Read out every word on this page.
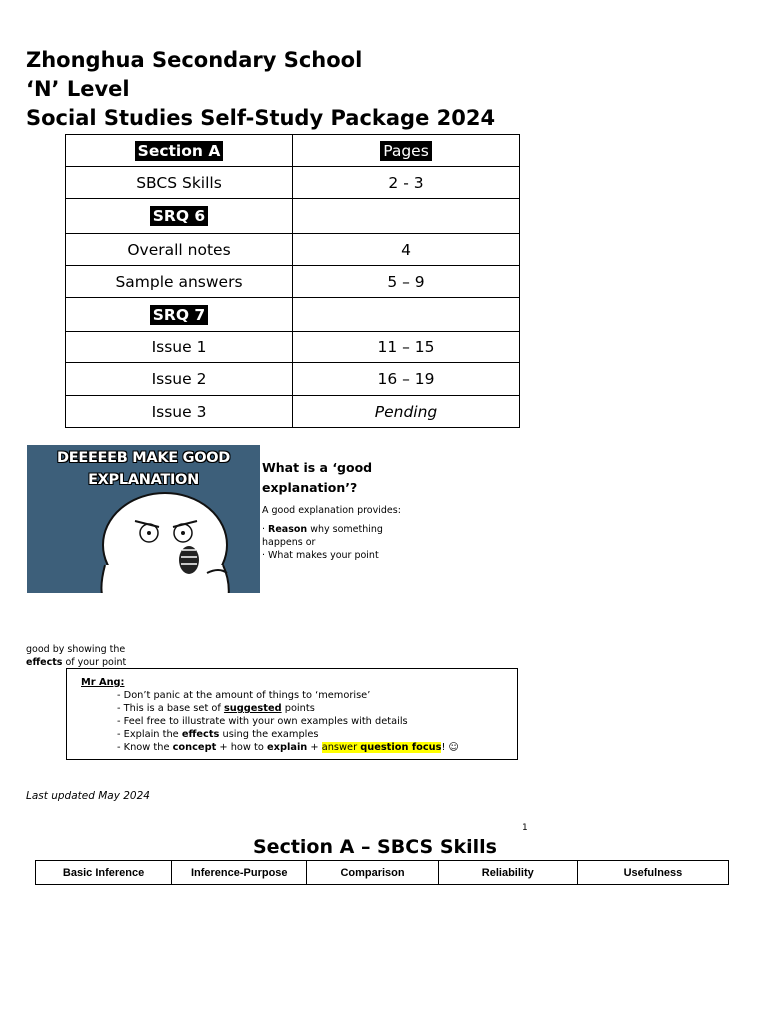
Zhonghua Secondary School
‘N’ Level
Social Studies Self-Study Package 2024
Section A	Pages
SBCS Skills	2 - 3
SRQ 6	
Overall notes	4
Sample answers	5 – 9
SRQ 7	
Issue 1	11 – 15
Issue 2	16 – 19
Issue 3	Pending
DEEEEEB MAKE GOOD
EXPLANATION
What is a ‘good explanation’?
A good explanation provides:
· Reason why something happens or
· What makes your point
good by showing the
effects of your point
Mr Ang:
- Don’t panic at the amount of things to ‘memorise’
- This is a base set of suggested points
- Feel free to illustrate with your own examples with details
- Explain the effects using the examples
- Know the concept + how to explain + answer question focus! ☺
Last updated May 2024
1
Section A – SBCS Skills
Basic Inference	Inference-Purpose	Comparison	Reliability	Usefulness
